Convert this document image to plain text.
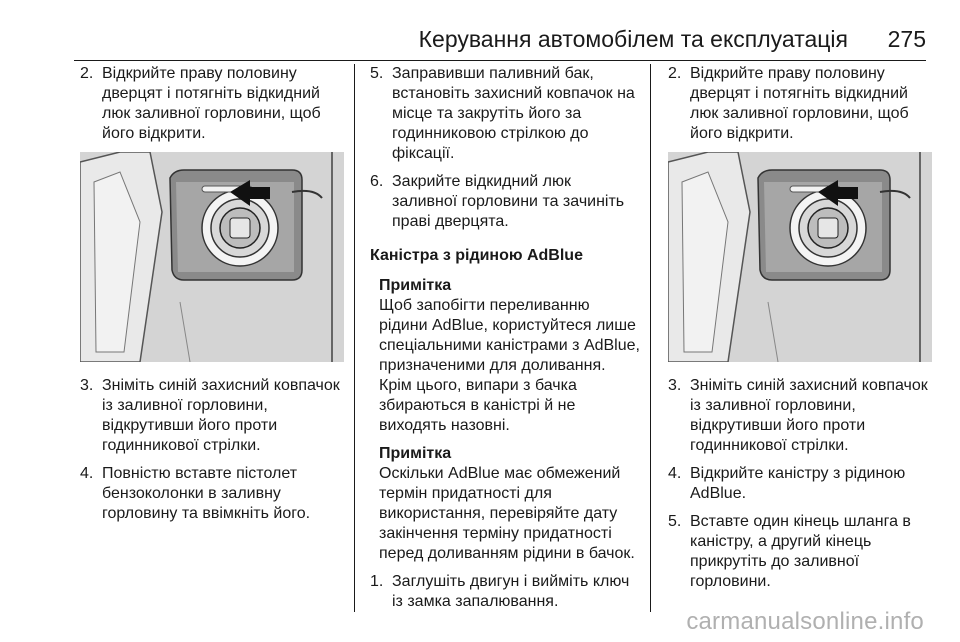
Керування автомобілем та експлуатація 275
2. Відкрийте праву половину дверцят і потягніть відкидний люк заливної горловини, щоб його відкрити.
3. Зніміть синій захисний ковпачок із заливної горловини, відкрутивши його проти годинникової стрілки.
4. Повністю вставте пістолет бензоколонки в заливну горловину та ввімкніть його.
5. Заправивши паливний бак, встановіть захисний ковпачок на місце та закрутіть його за годинниковою стрілкою до фіксації.
6. Закрийте відкидний люк заливної горловини та зачиніть праві дверцята.
Каністра з рідиною AdBlue
Примітка
Щоб запобігти переливанню рідини AdBlue, користуйтеся лише спеціальними каністрами з AdBlue, призначеними для доливання. Крім цього, випари з бачка збираються в каністрі й не виходять назовні.
Примітка
Оскільки AdBlue має обмежений термін придатності для використання, перевіряйте дату закінчення терміну придатності перед доливанням рідини в бачок.
1. Заглушіть двигун і вийміть ключ із замка запалювання.
2. Відкрийте праву половину дверцят і потягніть відкидний люк заливної горловини, щоб його відкрити.
3. Зніміть синій захисний ковпачок із заливної горловини, відкрутивши його проти годинникової стрілки.
4. Відкрийте каністру з рідиною AdBlue.
5. Вставте один кінець шланга в каністру, а другий кінець прикрутіть до заливної горловини.
carmanualsonline.info
